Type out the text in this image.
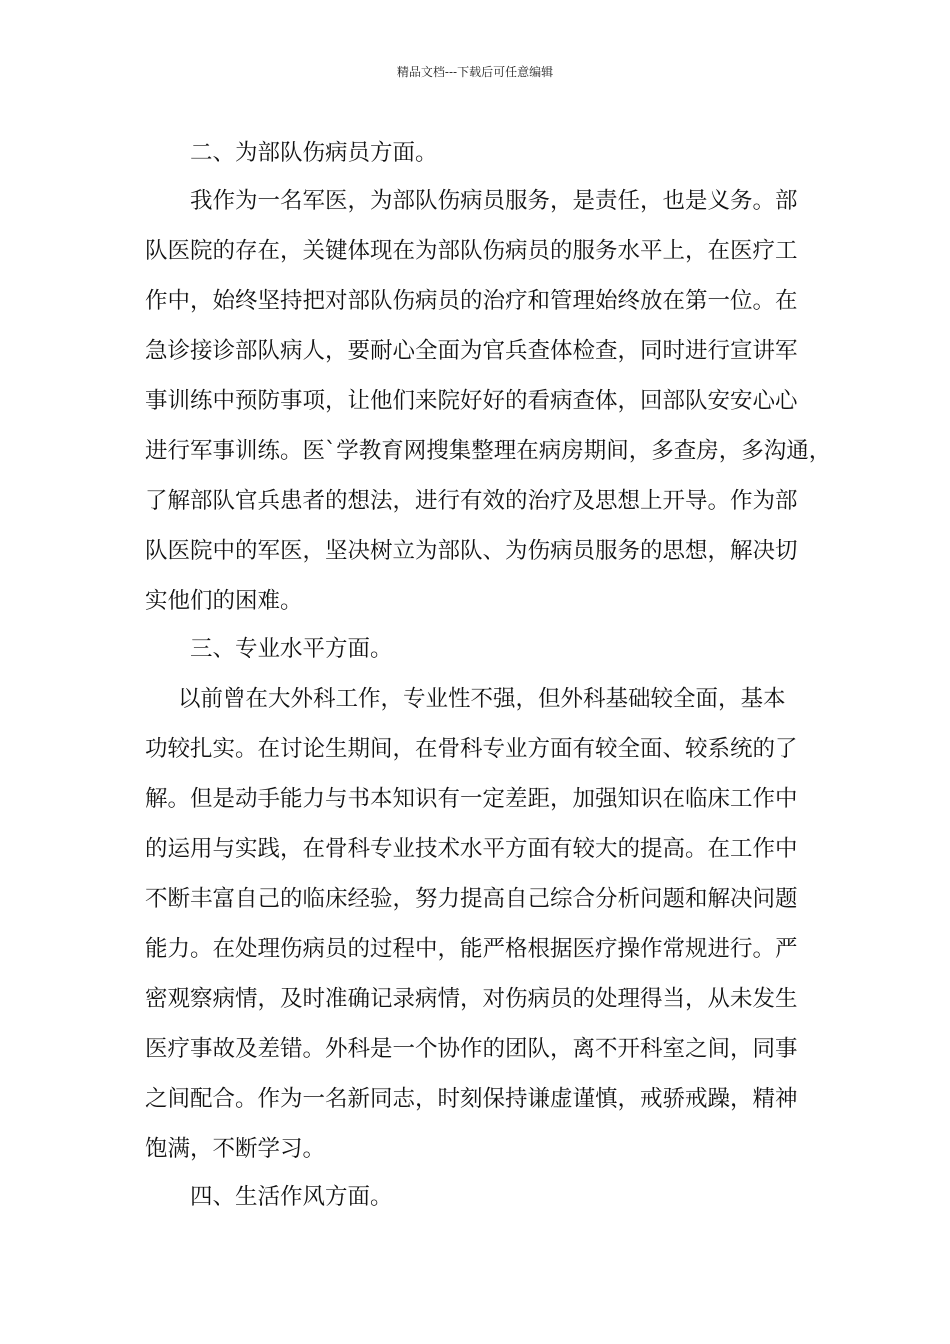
精品文档---下载后可任意编辑
二、为部队伤病员方面。
我作为一名军医，为部队伤病员服务，是责任，也是义务。部
队医院的存在，关键体现在为部队伤病员的服务水平上，在医疗工
作中，始终坚持把对部队伤病员的治疗和管理始终放在第一位。在
急诊接诊部队病人，要耐心全面为官兵查体检查，同时进行宣讲军
事训练中预防事项，让他们来院好好的看病查体，回部队安安心心
进行军事训练。医`学教育网搜集整理在病房期间，多查房，多沟通，
了解部队官兵患者的想法，进行有效的治疗及思想上开导。作为部
队医院中的军医，坚决树立为部队、为伤病员服务的思想，解决切
实他们的困难。
三、专业水平方面。
以前曾在大外科工作，专业性不强，但外科基础较全面，基本
功较扎实。在讨论生期间，在骨科专业方面有较全面、较系统的了
解。但是动手能力与书本知识有一定差距，加强知识在临床工作中
的运用与实践，在骨科专业技术水平方面有较大的提高。在工作中
不断丰富自己的临床经验，努力提高自己综合分析问题和解决问题
能力。在处理伤病员的过程中，能严格根据医疗操作常规进行。严
密观察病情，及时准确记录病情，对伤病员的处理得当，从未发生
医疗事故及差错。外科是一个协作的团队，离不开科室之间，同事
之间配合。作为一名新同志，时刻保持谦虚谨慎，戒骄戒躁，精神
饱满，不断学习。
四、生活作风方面。
